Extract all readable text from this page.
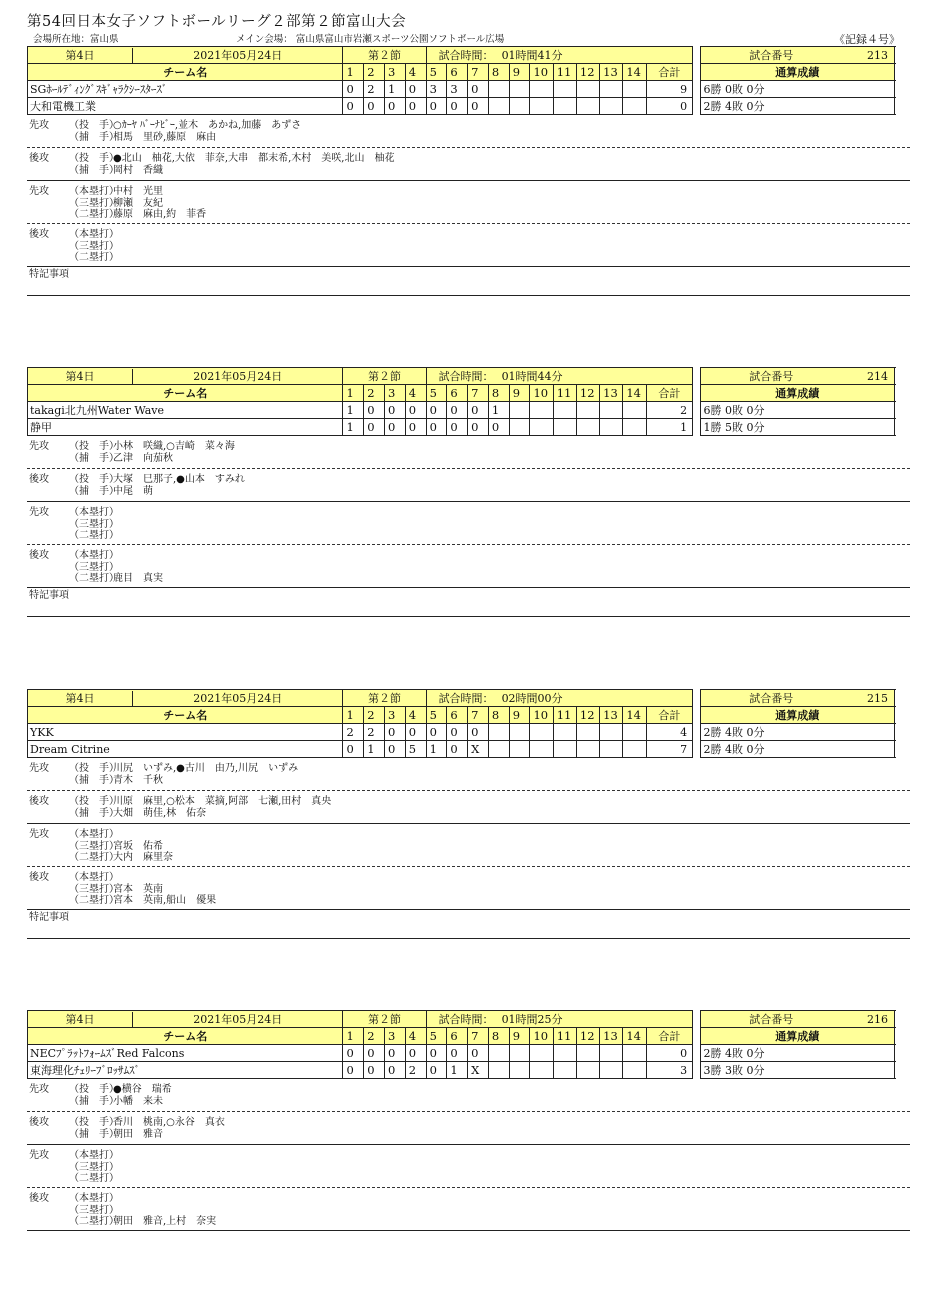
第54回日本女子ソフトボールリーグ２部第２節富山大会
会場所在地：富山県	メイン会場： 富山県富山市岩瀬スポーツ公園ソフトボール広場	《記録４号》
第4日 2021年05月24日	第２節				試合時間： 01時間41分												試合番号 213

チーム名	1	2	3	4	5	6	7	8	9	10	11	12	13	14	合計		通算成績
SGﾎｰﾙﾃﾞｨﾝｸﾞｽｷﾞｬﾗｸｼｰｽﾀｰｽﾞ	0	2	1	0	3	3	0								9		6勝 0敗 0分
大和電機工業	0	0	0	0	0	0	0								0		2勝 4敗 0分
先攻 （投　手）○ｶｰﾔ ﾊﾞｰﾅﾋﾞｰ,並木　あかね,加藤　あずさ
（捕　手）相馬　里砂,藤原　麻由
後攻 （投　手）●北山　柚花,大依　菲奈,大串　都末希,木村　美咲,北山　柚花
（捕　手）岡村　香織
先攻 （本塁打）中村　光里
（三塁打）柳瀬　友紀
（二塁打）藤原　麻由,約　菲香
後攻 （本塁打）
（三塁打）
（二塁打）
特記事項
第4日 2021年05月24日	第２節				試合時間： 01時間44分												試合番号 214

チーム名	1	2	3	4	5	6	7	8	9	10	11	12	13	14	合計		通算成績
takagi北九州Water Wave	1	0	0	0	0	0	0	1							2		6勝 0敗 0分
静甲	1	0	0	0	0	0	0	0							1		1勝 5敗 0分
先攻 （投　手）小林　咲織,○吉崎　菜々海
（捕　手）乙津　向茄秋
後攻 （投　手）大塚　巳那子,●山本　すみれ
（捕　手）中尾　萌
先攻 （本塁打）
（三塁打）
（二塁打）
後攻 （本塁打）
（三塁打）
（二塁打）鹿目　真実
特記事項
第4日 2021年05月24日	第２節				試合時間： 02時間00分												試合番号 215

チーム名	1	2	3	4	5	6	7	8	9	10	11	12	13	14	合計		通算成績
YKK	2	2	0	0	0	0	0								4		2勝 4敗 0分
Dream Citrine	0	1	0	5	1	0	X								7		2勝 4敗 0分
先攻 （投　手）川尻　いずみ,●古川　由乃,川尻　いずみ
（捕　手）青木　千秋
後攻 （投　手）川原　麻里,○松本　菜摘,阿部　七瀬,田村　真央
（捕　手）大畑　萌佳,林　佑奈
先攻 （本塁打）
（三塁打）宮坂　佑希
（二塁打）大内　麻里奈
後攻 （本塁打）
（三塁打）宮本　英南
（二塁打）宮本　英南,船山　優果
特記事項
第4日 2021年05月24日	第２節				試合時間： 01時間25分												試合番号 216

チーム名	1	2	3	4	5	6	7	8	9	10	11	12	13	14	合計		通算成績
NECﾌﾟﾗｯﾄﾌｫｰﾑｽﾞRed Falcons	0	0	0	0	0	0	0								0		2勝 4敗 0分
東海理化ﾁｪﾘｰﾌﾞﾛｯｻﾑｽﾞ	0	0	0	2	0	1	X								3		3勝 3敗 0分
先攻 （投　手）●横谷　瑞希
（捕　手）小幡　来未
後攻 （投　手）香川　桃南,○永谷　真衣
（捕　手）朝田　雅音
先攻 （本塁打）
（三塁打）
（二塁打）
後攻 （本塁打）
（三塁打）
（二塁打）朝田　雅音,上村　奈実
